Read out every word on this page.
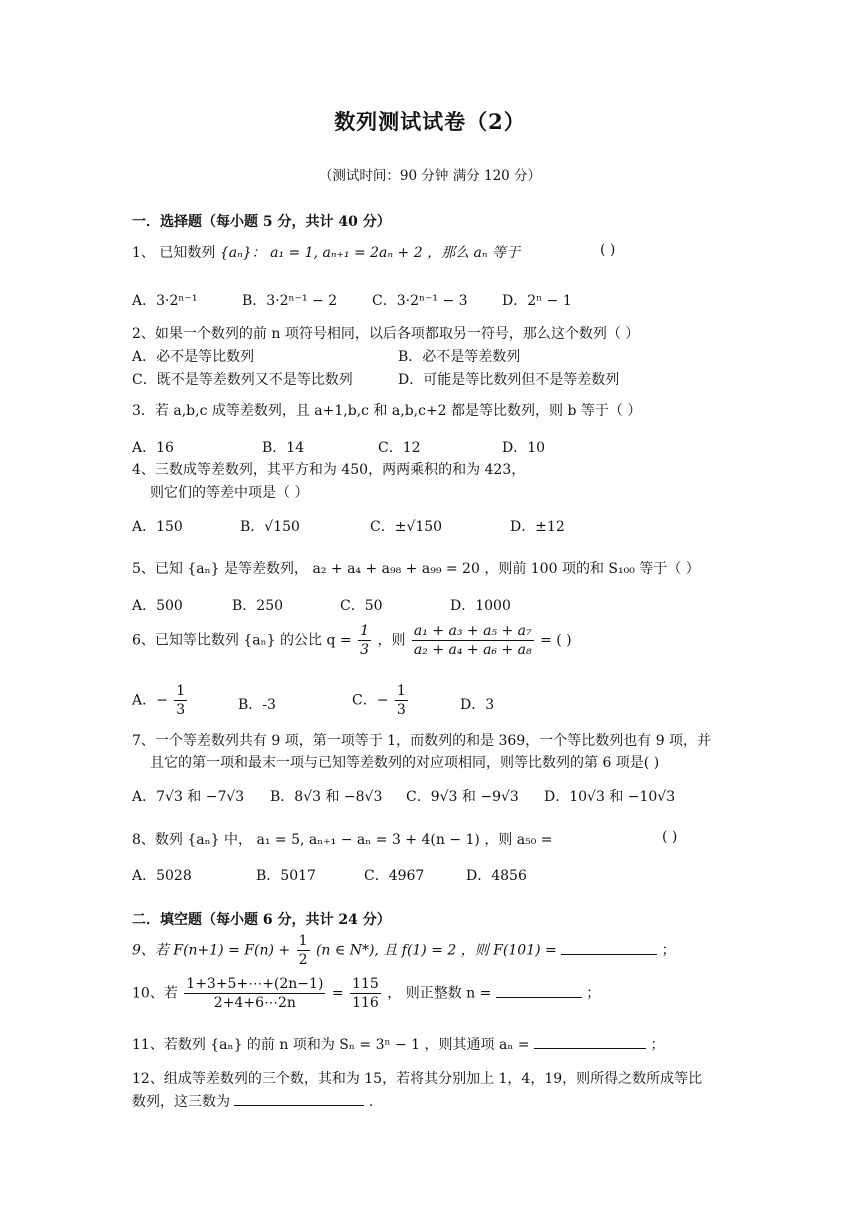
数列测试试卷（2）
（测试时间：90 分钟 满分 120 分）
一．选择题（每小题 5 分，共计 40 分）
1、 已知数列 {aₙ}： a₁ = 1, aₙ₊₁ = 2aₙ + 2 ，那么 aₙ 等于	( )
A．3·2ⁿ⁻¹	B．3·2ⁿ⁻¹ − 2 C．3·2ⁿ⁻¹ − 3 D．2ⁿ − 1
2、如果一个数列的前 n 项符号相同，以后各项都取另一符号，那么这个数列（ ）
A．必不是等比数列	B．必不是等差数列
C．既不是等差数列又不是等比数列	D．可能是等比数列但不是等差数列
3．若 a,b,c 成等差数列，且 a+1,b,c 和 a,b,c+2 都是等比数列，则 b 等于（ ）
A．16	B．14	C．12	D．10
4、三数成等差数列，其平方和为 450，两两乘积的和为 423，
则它们的等差中项是（ ）
A．150	B．√150	C．±√150	D．±12
5、已知 {aₙ} 是等差数列， a₂ + a₄ + a₉₈ + a₉₉ = 20 ，则前 100 项的和 S₁₀₀ 等于（ ）
A．500	B．250	C．50	D．1000
6、已知等比数列 {aₙ} 的公比 $q = \frac{1}{3}$ ，则 $\frac{\text{a₁ + a₃ + a₅ + a₇}}{\text{a₂ + a₄ + a₆ + a₈}}$ = ( )
A．− $\frac{1}{3}$	B．-3	C．− $\frac{1}{3}$	D．3
7、一个等差数列共有 9 项，第一项等于 1，而数列的和是 369，一个等比数列也有 9 项，并
且它的第一项和最末一项与已知等差数列的对应项相同，则等比数列的第 6 项是( )
A．7√3 和 −7√3 B．8√3 和 −8√3 C．9√3 和 −9√3 D．10√3 和 −10√3
8、数列 {aₙ} 中， a₁ = 5, aₙ₊₁ − aₙ = 3 + 4(n − 1) ，则 a₅₀ =	( )
A．5028	B．5017	C．4967	D．4856
二．填空题（每小题 6 分，共计 24 分）
9、若 $F(n+1) = F(n) + \frac{1}{2} (n$ ∈ N*), 且 f(1) = 2 ，则 F(101) =	；
10、若 $\frac{1+3+5+\cdots+(2n-1)}{2+4+6\cdots 2n} = \frac{115}{116}$ ， 则正整数 n =	；
11、若数列 {aₙ} 的前 n 项和为 Sₙ = 3ⁿ − 1 ，则其通项 aₙ =	；
12、组成等差数列的三个数，其和为 15，若将其分别加上 1，4，19，则所得之数所成等比
数列，这三数为	.
